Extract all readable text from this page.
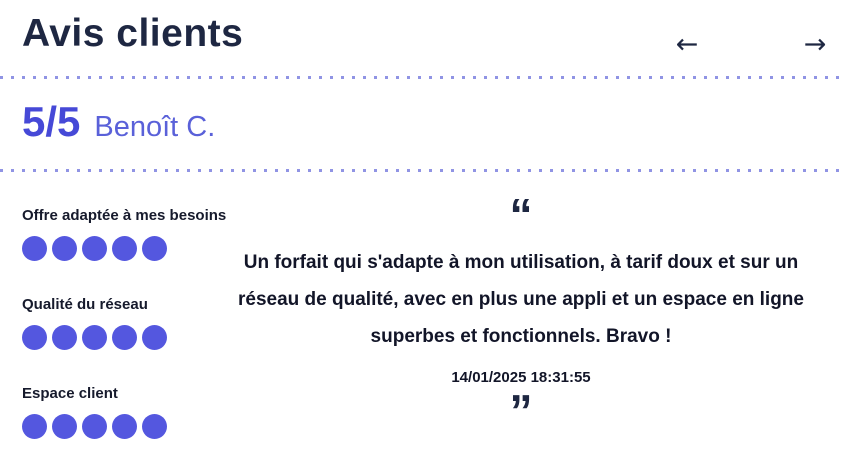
Avis clients	←	→
5/5 Benoît C.
Offre adaptée à mes besoins
Qualité du réseau
Espace client
“
Un forfait qui s'adapte à mon utilisation, à tarif doux et sur un réseau de qualité, avec en plus une appli et un espace en ligne superbes et fonctionnels. Bravo !
14/01/2025 18:31:55
”
